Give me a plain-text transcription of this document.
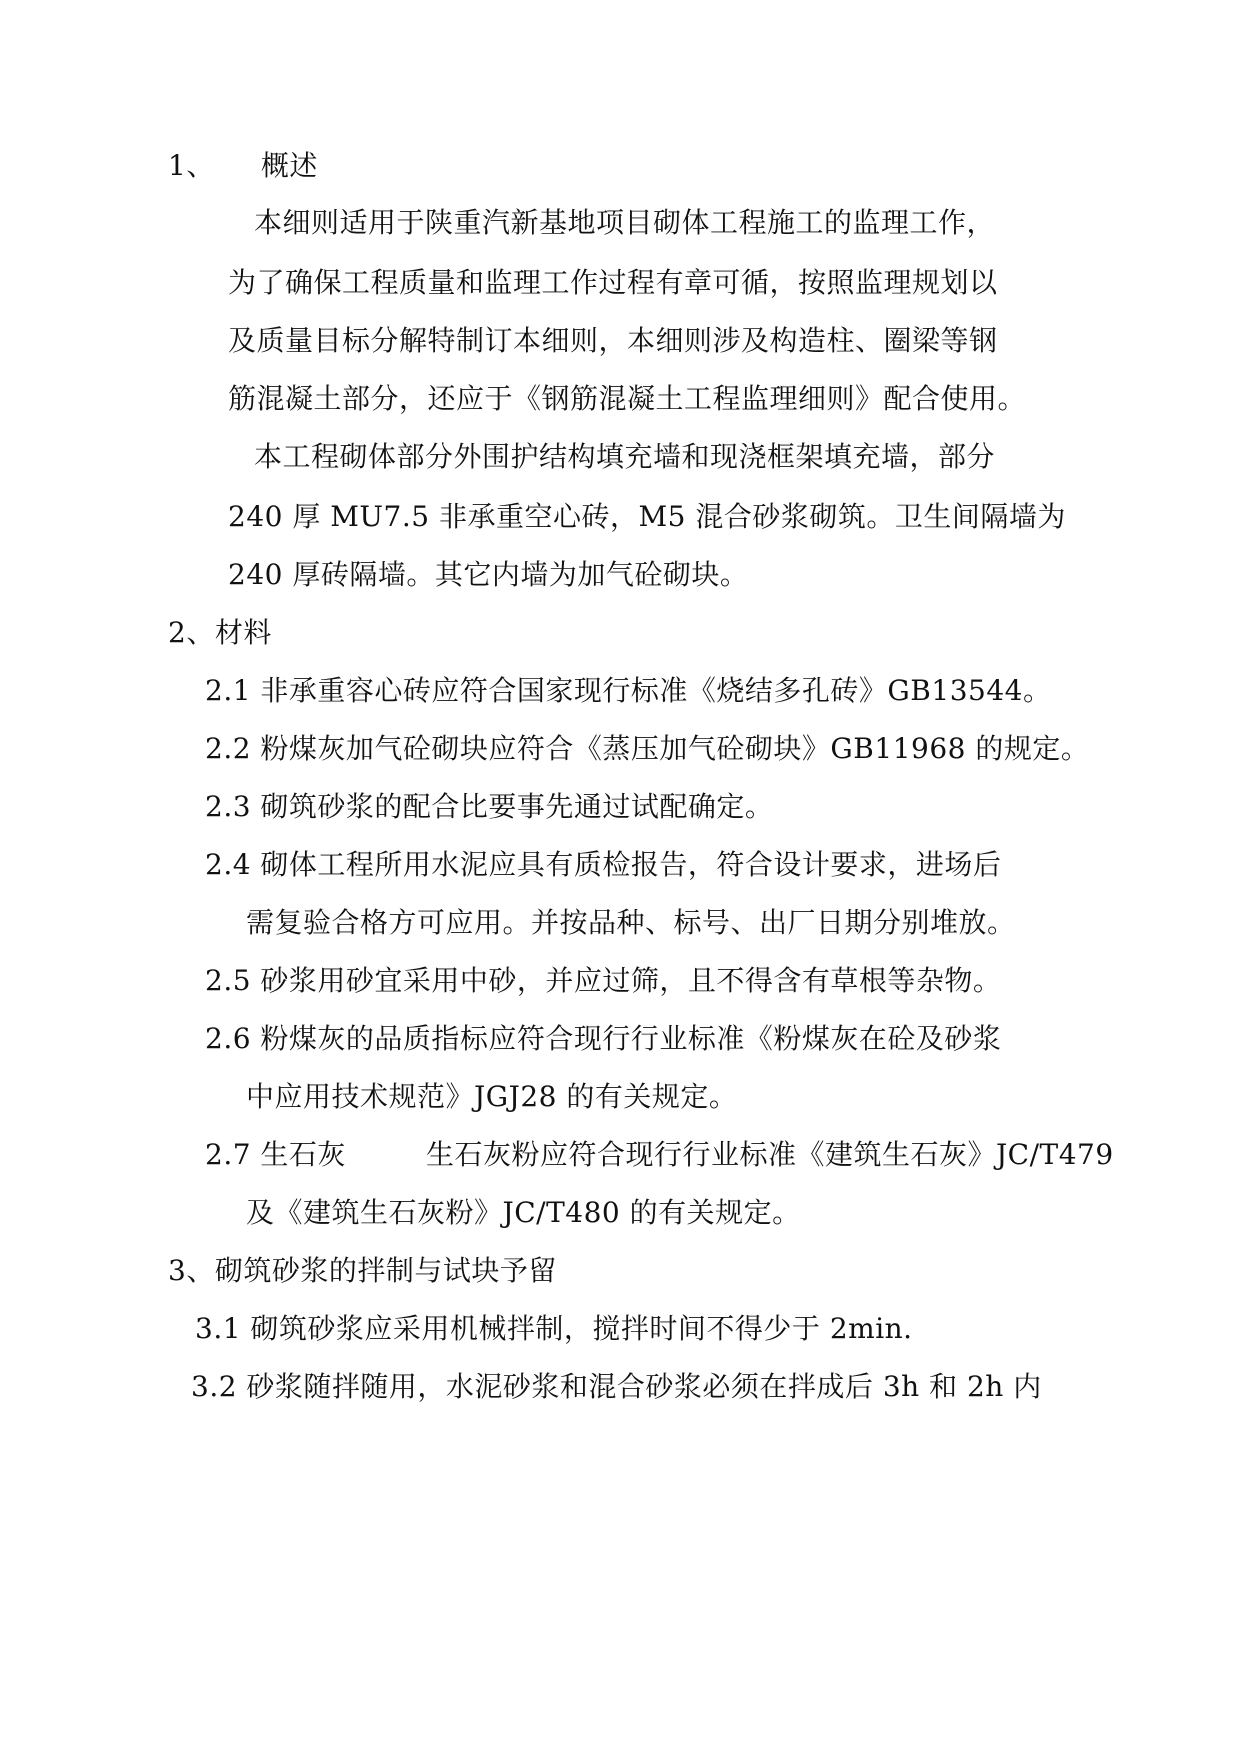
1、 概述
本细则适用于陕重汽新基地项目砌体工程施工的监理工作，
为了确保工程质量和监理工作过程有章可循，按照监理规划以
及质量目标分解特制订本细则，本细则涉及构造柱、圈梁等钢
筋混凝土部分，还应于《钢筋混凝土工程监理细则》配合使用。
本工程砌体部分外围护结构填充墙和现浇框架填充墙，部分
240 厚 MU7.5 非承重空心砖，M5 混合砂浆砌筑。卫生间隔墙为
240 厚砖隔墙。其它内墙为加气砼砌块。
2、材料
2.1 非承重容心砖应符合国家现行标准《烧结多孔砖》GB13544。
2.2 粉煤灰加气砼砌块应符合《蒸压加气砼砌块》GB11968 的规定。
2.3 砌筑砂浆的配合比要事先通过试配确定。
2.4 砌体工程所用水泥应具有质检报告，符合设计要求，进场后
需复验合格方可应用。并按品种、标号、出厂日期分别堆放。
2.5 砂浆用砂宜采用中砂，并应过筛，且不得含有草根等杂物。
2.6 粉煤灰的品质指标应符合现行行业标准《粉煤灰在砼及砂浆
中应用技术规范》JGJ28 的有关规定。
2.7 生石灰	生石灰粉应符合现行行业标准《建筑生石灰》JC/T479
及《建筑生石灰粉》JC/T480 的有关规定。
3、砌筑砂浆的拌制与试块予留
3.1 砌筑砂浆应采用机械拌制，搅拌时间不得少于 2min.
3.2 砂浆随拌随用，水泥砂浆和混合砂浆必须在拌成后 3h 和 2h 内
